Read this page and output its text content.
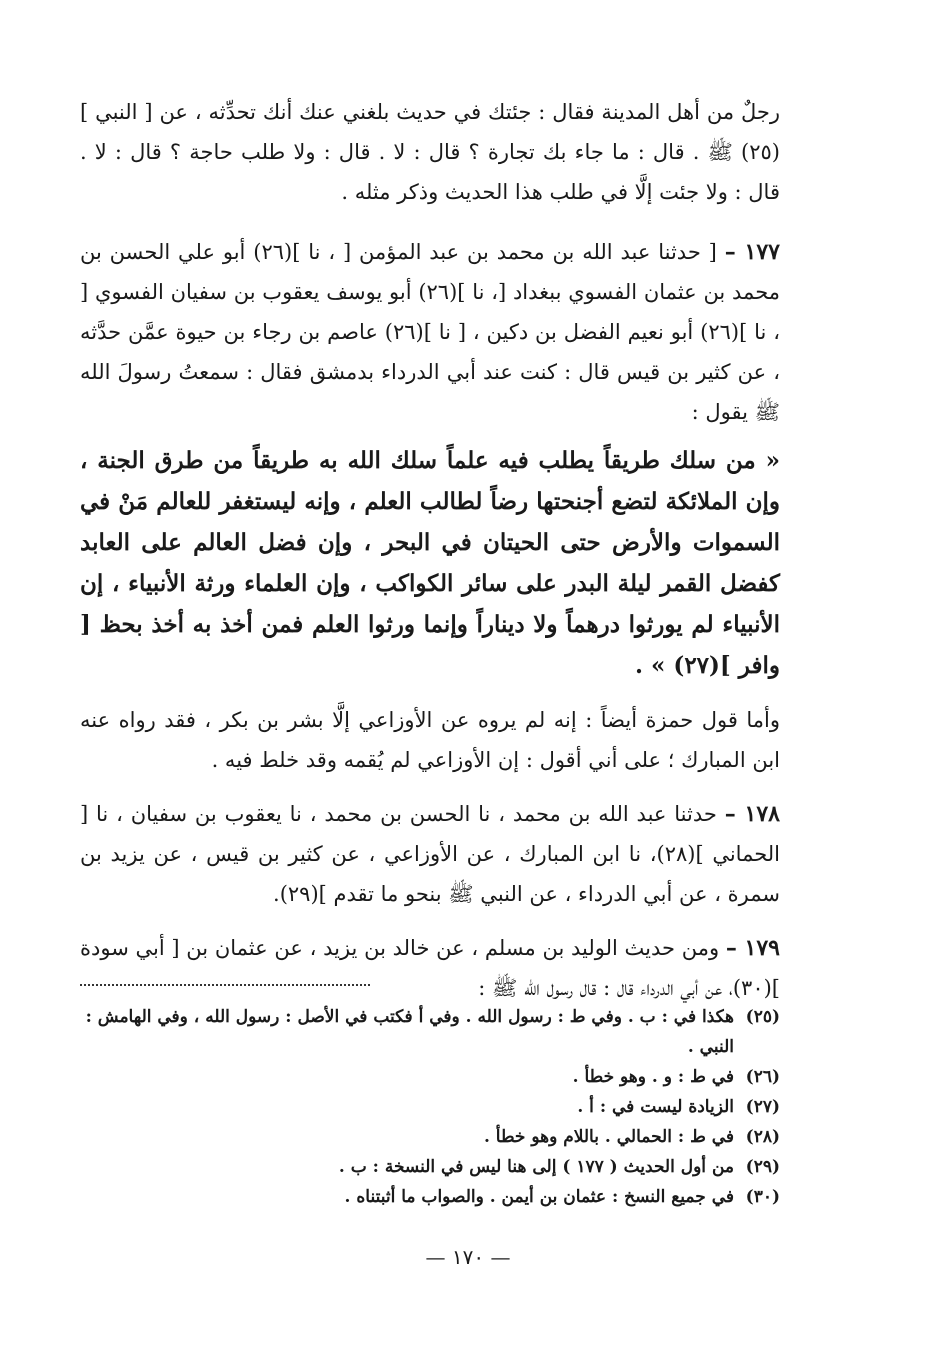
رجلٌ من أهل المدينة فقال : جئتك في حديث بلغني عنك أنك تحدِّثه ، عن [ النبي ](٢٥) ﷺ . قال : ما جاء بك تجارة ؟ قال : لا . قال : ولا طلب حاجة ؟ قال : لا . قال : ولا جئت إلَّا في طلب هذا الحديث وذكر مثله .

١٧٧ – [ حدثنا عبد الله بن محمد بن عبد المؤمن [ ، نا ](٢٦) أبو علي الحسن بن محمد بن عثمان الفسوي ببغداد [، نا ](٢٦) أبو يوسف يعقوب بن سفيان الفسوي [ ، نا ](٢٦) أبو نعيم الفضل بن دكين ، [ نا ](٢٦) عاصم بن رجاء بن حيوة عمَّن حدَّثه ، عن كثير بن قيس قال : كنت عند أبي الدرداء بدمشق فقال : سمعتُ رسولَ الله ﷺ يقول :

« من سلك طريقاً يطلب فيه علماً سلك الله به طريقاً من طرق الجنة ، وإن الملائكة لتضع أجنحتها رضاً لطالب العلم ، وإنه ليستغفر للعالم مَنْ في السموات والأرض حتى الحيتان في البحر ، وإن فضل العالم على العابد كفضل القمر ليلة البدر على سائر الكواكب ، وإن العلماء ورثة الأنبياء ، إن الأنبياء لم يورثوا درهماً ولا ديناراً وإنما ورثوا العلم فمن أخذ به أخذ بحظ [ وافر ](٢٧) » .

وأما قول حمزة أيضاً : إنه لم يروه عن الأوزاعي إلَّا بشر بن بكر ، فقد رواه عنه ابن المبارك ؛ على أني أقول : إن الأوزاعي لم يُقمه وقد خلط فيه .

١٧٨ – حدثنا عبد الله بن محمد ، نا الحسن بن محمد ، نا يعقوب بن سفيان ، نا [ الحماني ](٢٨)، نا ابن المبارك ، عن الأوزاعي ، عن كثير بن قيس ، عن يزيد بن سمرة ، عن أبي الدرداء ، عن النبي ﷺ بنحو ما تقدم ](٢٩).

١٧٩ – ومن حديث الوليد بن مسلم ، عن خالد بن يزيد ، عن عثمان بن [ أبي سودة ](٣٠)، عن أبي الدرداء قال : قال رسول الله ﷺ :

(٢٥)
هكذا في : ب . وفي ط : رسول الله . وفي أ فكتب في الأصل : رسول الله ، وفي الهامش : النبي .
(٢٦)
في ط : و . وهو خطأ .
(٢٧)
الزيادة ليست في : أ .
(٢٨)
في ط : الحمالي . باللام وهو خطأ .
(٢٩)
من أول الحديث ( ١٧٧ ) إلى هنا ليس في النسخة : ب .
(٣٠)
في جميع النسخ : عثمان بن أيمن . والصواب ما أثبتناه .
— ١٧٠ —
